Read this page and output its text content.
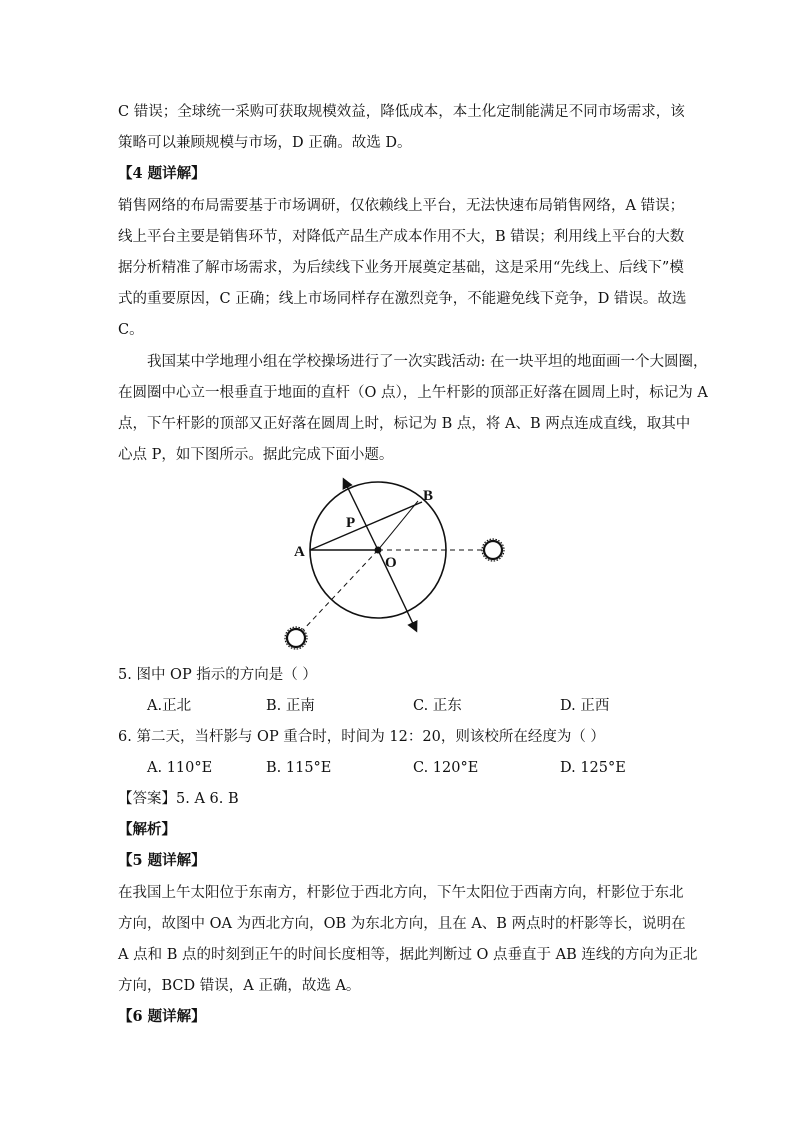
C 错误；全球统一采购可获取规模效益，降低成本，本土化定制能满足不同市场需求，该
策略可以兼顾规模与市场，D 正确。故选 D。
【4 题详解】
销售网络的布局需要基于市场调研，仅依赖线上平台，无法快速布局销售网络，A 错误；
线上平台主要是销售环节，对降低产品生产成本作用不大，B 错误；利用线上平台的大数
据分析精准了解市场需求，为后续线下业务开展奠定基础，这是采用“先线上、后线下”模
式的重要原因，C 正确；线上市场同样存在激烈竞争，不能避免线下竞争，D 错误。故选
C。
我国某中学地理小组在学校操场进行了一次实践活动: 在一块平坦的地面画一个大圆圈，
在圆圈中心立一根垂直于地面的直杆（O 点），上午杆影的顶部正好落在圆周上时，标记为 A
点，下午杆影的顶部又正好落在圆周上时，标记为 B 点，将 A、B 两点连成直线，取其中
心点 P，如下图所示。据此完成下面小题。
A
B
P
O
5. 图中 OP 指示的方向是（ ）
A.正北	B. 正南	C. 正东	D. 正西
6. 第二天，当杆影与 OP 重合时，时间为 12：20，则该校所在经度为（ ）
A. 110°E	B. 115°E	C. 120°E	D. 125°E
【答案】5. A 6. B
【解析】
【5 题详解】
在我国上午太阳位于东南方，杆影位于西北方向，下午太阳位于西南方向，杆影位于东北
方向，故图中 OA 为西北方向，OB 为东北方向，且在 A、B 两点时的杆影等长，说明在
A 点和 B 点的时刻到正午的时间长度相等，据此判断过 O 点垂直于 AB 连线的方向为正北
方向，BCD 错误，A 正确，故选 A。
【6 题详解】
